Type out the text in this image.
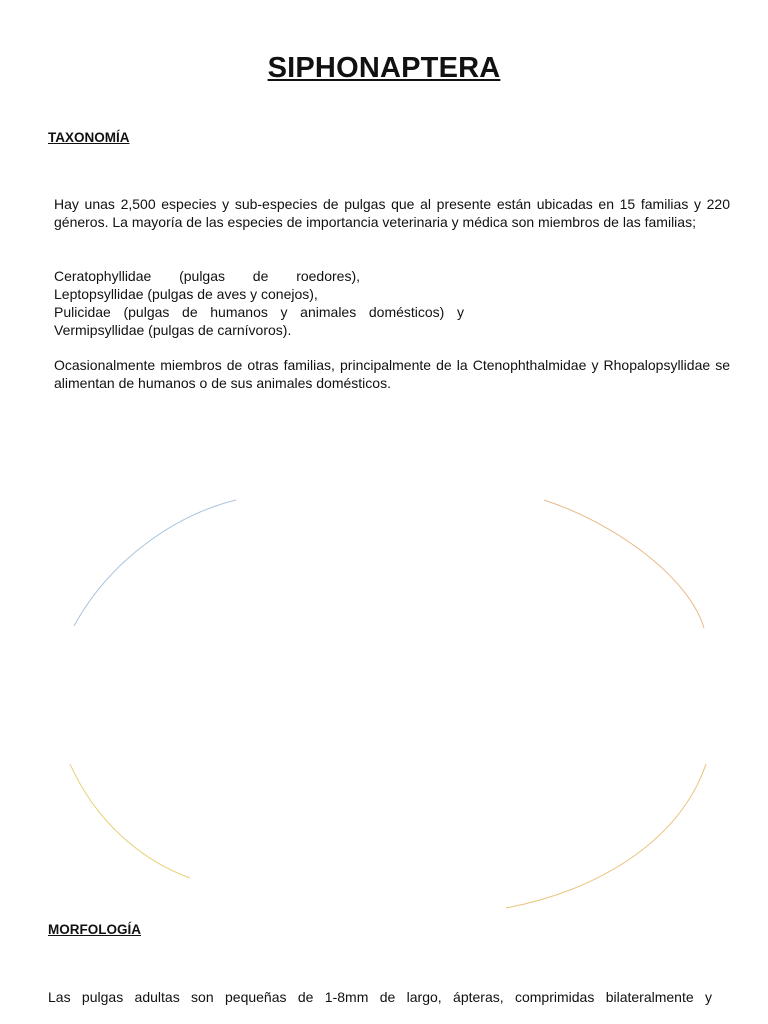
SIPHONAPTERA
TAXONOMÍA

Hay unas 2,500 especies y sub-especies de pulgas que al presente están ubicadas en 15 familias y 220 géneros. La mayoría de las especies de importancia veterinaria y médica son miembros de las familias;

Ceratophyllidae (pulgas de roedores),
Leptopsyllidae (pulgas de aves y conejos),
Pulicidae (pulgas de humanos y animales domésticos) y
Vermipsyllidae (pulgas de carnívoros).

Ocasionalmente miembros de otras familias, principalmente de la Ctenophthalmidae y Rhopalopsyllidae se alimentan de humanos o de sus animales domésticos.

MORFOLOGÍA

Las pulgas adultas son pequeñas de 1-8mm de largo, ápteras, comprimidas bilateralmente y
